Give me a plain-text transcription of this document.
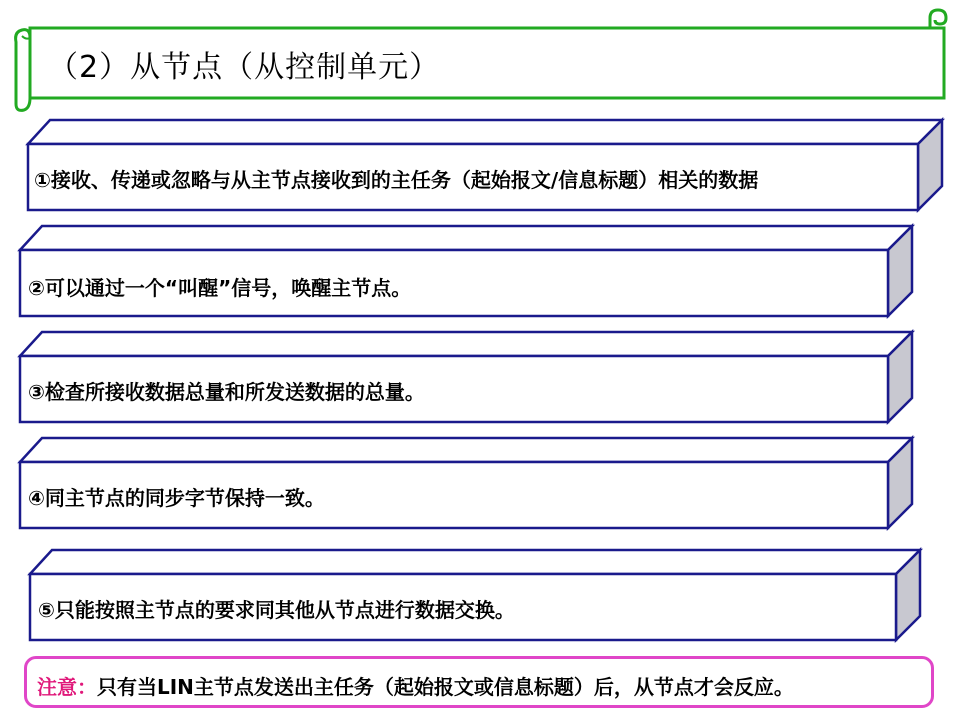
（2）从节点（从控制单元）
①接收、传递或忽略与从主节点接收到的主任务（起始报文/信息标题）相关的数据
②可以通过一个“叫醒”信号，唤醒主节点。
③检查所接收数据总量和所发送数据的总量。
④同主节点的同步字节保持一致。
⑤只能按照主节点的要求同其他从节点进行数据交换。
注意：只有当LIN主节点发送出主任务（起始报文或信息标题）后，从节点才会反应。
